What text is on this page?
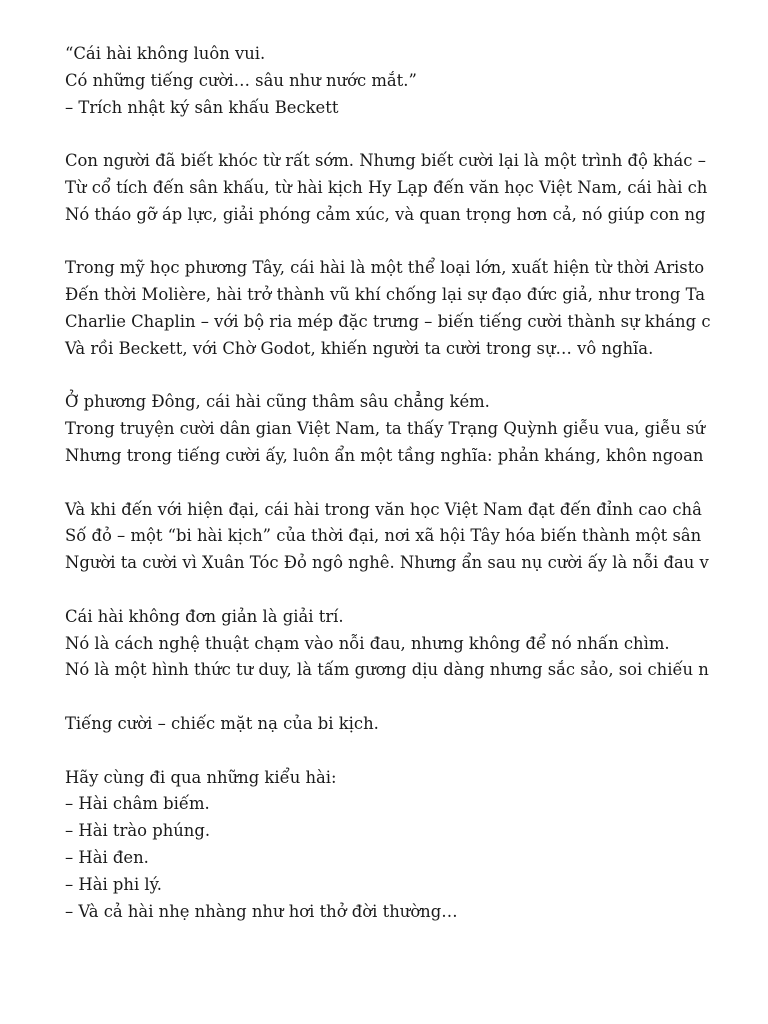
“Cái hài không luôn vui.
Có những tiếng cười… sâu như nước mắt.”
– Trích nhật ký sân khấu Beckett
Con người đã biết khóc từ rất sớm. Nhưng biết cười lại là một trình độ khác –
Từ cổ tích đến sân khấu, từ hài kịch Hy Lạp đến văn học Việt Nam, cái hài ch
Nó tháo gỡ áp lực, giải phóng cảm xúc, và quan trọng hơn cả, nó giúp con ng
Trong mỹ học phương Tây, cái hài là một thể loại lớn, xuất hiện từ thời Aristo
Đến thời Molière, hài trở thành vũ khí chống lại sự đạo đức giả, như trong Ta
Charlie Chaplin – với bộ ria mép đặc trưng – biến tiếng cười thành sự kháng c
Và rồi Beckett, với Chờ Godot, khiến người ta cười trong sự… vô nghĩa.
Ở phương Đông, cái hài cũng thâm sâu chẳng kém.
Trong truyện cười dân gian Việt Nam, ta thấy Trạng Quỳnh giễu vua, giễu sứ
Nhưng trong tiếng cười ấy, luôn ẩn một tầng nghĩa: phản kháng, khôn ngoan
Và khi đến với hiện đại, cái hài trong văn học Việt Nam đạt đến đỉnh cao châ
Số đỏ – một “bi hài kịch” của thời đại, nơi xã hội Tây hóa biến thành một sân
Người ta cười vì Xuân Tóc Đỏ ngô nghê. Nhưng ẩn sau nụ cười ấy là nỗi đau v
Cái hài không đơn giản là giải trí.
Nó là cách nghệ thuật chạm vào nỗi đau, nhưng không để nó nhấn chìm.
Nó là một hình thức tư duy, là tấm gương dịu dàng nhưng sắc sảo, soi chiếu n
Tiếng cười – chiếc mặt nạ của bi kịch.
Hãy cùng đi qua những kiểu hài:
– Hài châm biếm.
– Hài trào phúng.
– Hài đen.
– Hài phi lý.
– Và cả hài nhẹ nhàng như hơi thở đời thường…
